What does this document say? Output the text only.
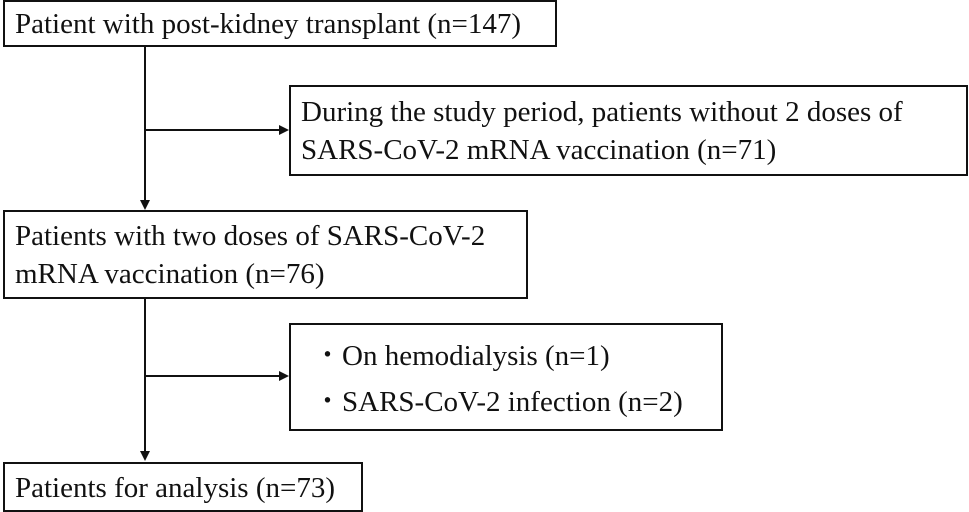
Patient with post-kidney transplant (n=147)
During the study period, patients without 2 doses of
SARS-CoV-2 mRNA vaccination (n=71)
Patients with two doses of SARS-CoV-2
mRNA vaccination (n=76)
・On hemodialysis (n=1)
・SARS-CoV-2 infection (n=2)
Patients for analysis (n=73)
